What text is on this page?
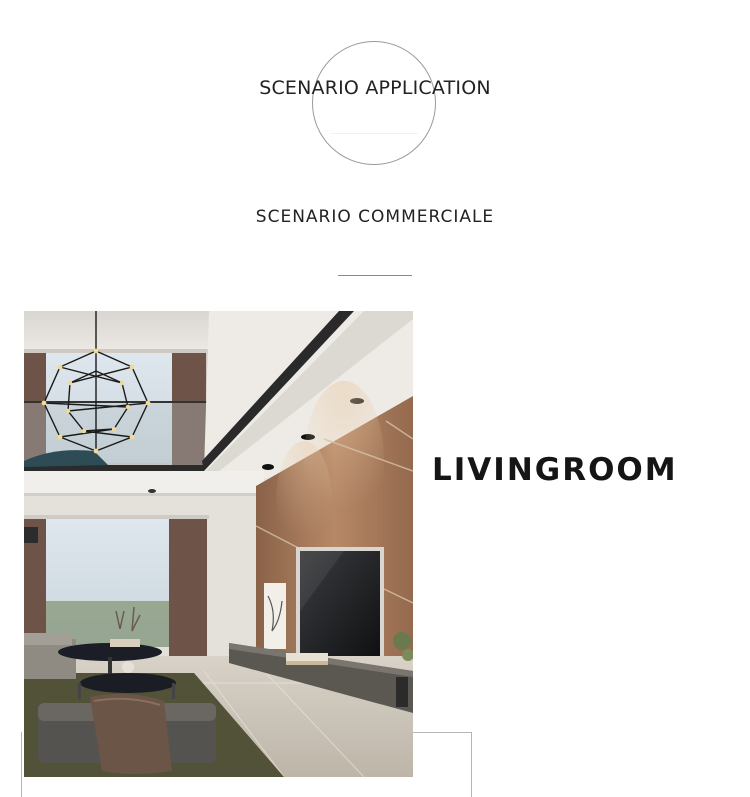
SCENARIO APPLICATION
SCENARIO COMMERCIALE
LIVINGROOM
